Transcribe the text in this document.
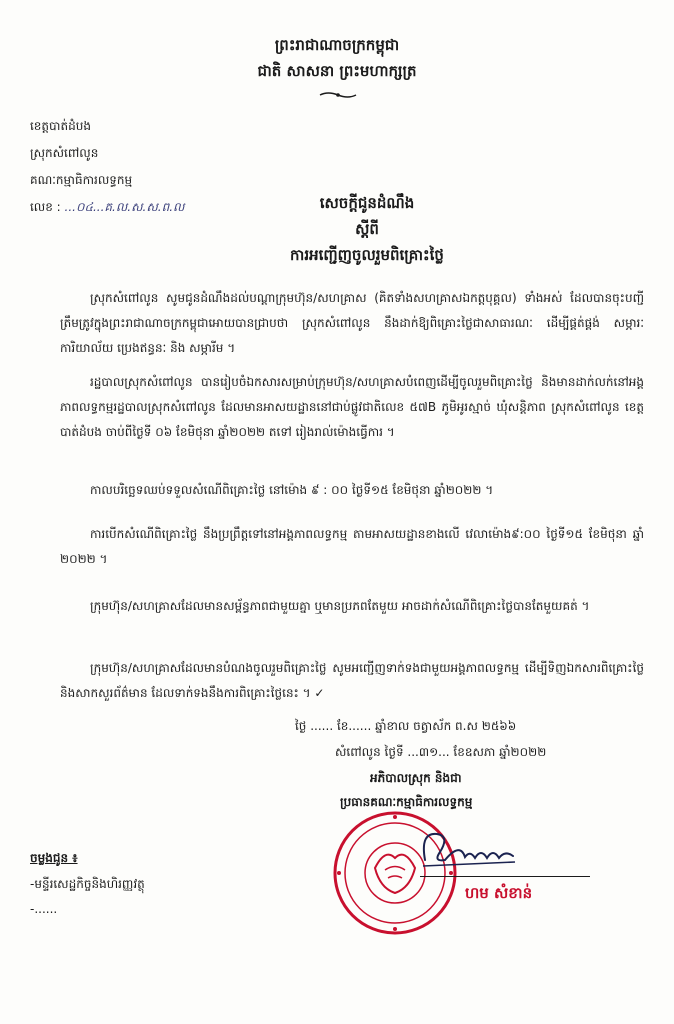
ព្រះរាជាណាចក្រកម្ពុជា
ជាតិ សាសនា ព្រះមហាក្សត្រ
ខេត្តបាត់ដំបង
ស្រុកសំពៅលូន
គណៈកម្មាធិការលទ្ធកម្ម
លេខ : ...០៤...គ.ល.ស.ស.ព.ល	សេចក្តីជូនដំណឹង
ស្តីពី
ការអញ្ជើញចូលរួមពិគ្រោះថ្លៃ
ស្រុកសំពៅលូន សូមជូនដំណឹងដល់បណ្តាក្រុមហ៊ុន/សហគ្រាស (គិតទាំងសហគ្រាសឯកត្តបុគ្គល) ទាំងអស់ ដែលបានចុះបញ្ជីត្រឹមត្រូវក្នុងព្រះរាជាណាចក្រកម្ពុជាអោយបានជ្រាបថា ស្រុកសំពៅលូន នឹងដាក់ឱ្យពិគ្រោះថ្លៃជាសាធារណៈ ដើម្បីផ្គត់ផ្គង់ សម្ភារៈការិយាល័យ ប្រេងឥន្ធនៈ និង សម្ភារីម ។
រដ្ឋបាលស្រុកសំពៅលូន បានរៀបចំឯកសារសម្រាប់ក្រុមហ៊ុន/សហគ្រាសបំពេញដើម្បីចូលរួមពិគ្រោះថ្លៃ និងមានដាក់លក់នៅអង្គភាពលទ្ធកម្មរដ្ឋបាលស្រុកសំពៅលូន ដែលមានអាសយដ្ឋាននៅជាប់ផ្លូវជាតិលេខ ៥៧B ភូមិអូរស្មាច់ ឃុំសន្តិភាព ស្រុកសំពៅលូន ខេត្តបាត់ដំបង ចាប់ពីថ្ងៃទី ០៦ ខែមិថុនា ឆ្នាំ២០២២ តទៅ រៀងរាល់ម៉ោងធ្វើការ ។
កាលបរិច្ឆេទឈប់ទទួលសំណើពិគ្រោះថ្លៃ នៅម៉ោង ៩ : ០០ ថ្ងៃទី១៥ ខែមិថុនា ឆ្នាំ២០២២ ។
ការបើកសំណើពិគ្រោះថ្លៃ នឹងប្រព្រឹត្តទៅនៅអង្គភាពលទ្ធកម្ម តាមអាសយដ្ឋានខាងលើ វេលាម៉ោង៩:០០ ថ្ងៃទី១៥ ខែមិថុនា ឆ្នាំ ២០២២ ។
ក្រុមហ៊ុន/សហគ្រាសដែលមានសម្ព័ន្ធភាពជាមួយគ្នា ឬមានប្រភពតែមួយ អាចដាក់សំណើពិគ្រោះថ្លៃបានតែមួយគត់ ។
ក្រុមហ៊ុន/សហគ្រាសដែលមានបំណងចូលរួមពិគ្រោះថ្លៃ សូមអញ្ជើញទាក់ទងជាមួយអង្គភាពលទ្ធកម្ម ដើម្បីទិញឯកសារពិគ្រោះថ្លៃ និងសាកសួរព័ត៌មាន ដែលទាក់ទងនឹងការពិគ្រោះថ្លៃនេះ ។ ✓
ថ្ងៃ ...... ខែ...... ឆ្នាំខាល ចត្វាស័ក ព.ស ២៥៦៦
សំពៅលូន ថ្ងៃទី ...៣១... ខែឧសភា ឆ្នាំ២០២២
អភិបាលស្រុក និងជា
ប្រធានគណៈកម្មាធិការលទ្ធកម្ម
ហម សំខាន់
ចម្លងជូន ៖
-មន្ទីរសេដ្ឋកិច្ចនិងហិរញ្ញវត្ថុ
-......
